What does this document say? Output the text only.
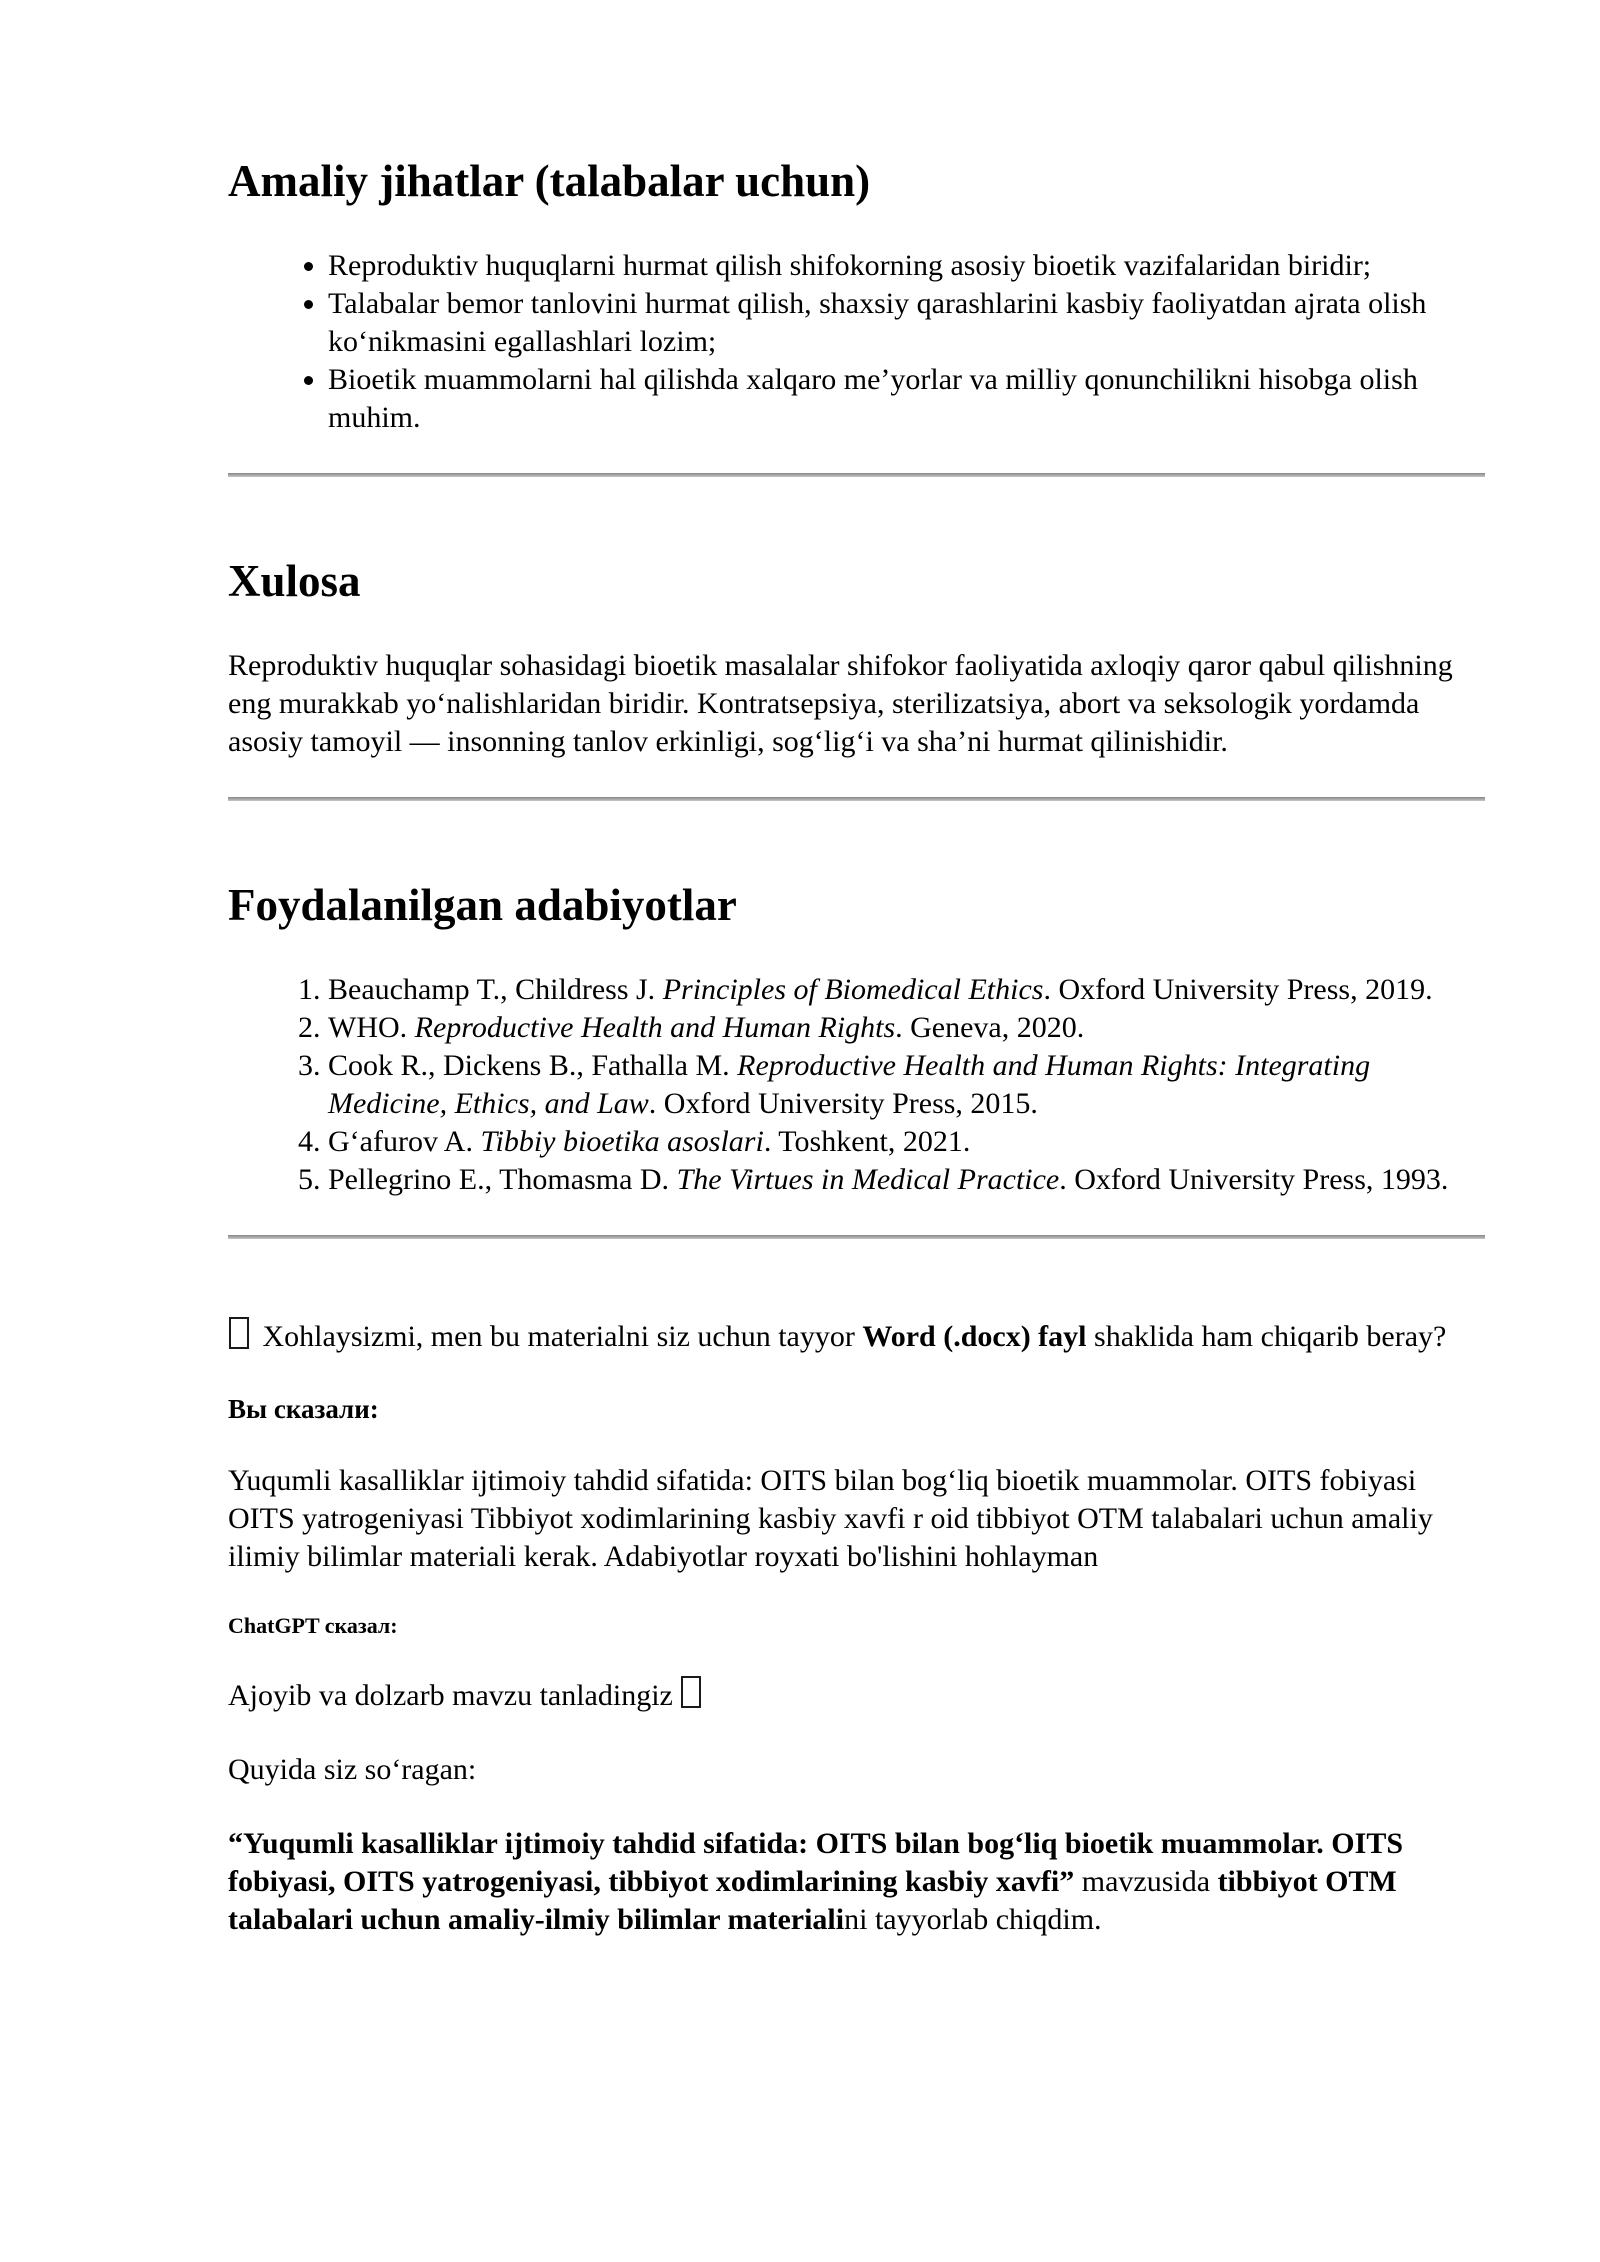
Amaliy jihatlar (talabalar uchun)
• Reproduktiv huquqlarni hurmat qilish shifokorning asosiy bioetik vazifalaridan biridir;
• Talabalar bemor tanlovini hurmat qilish, shaxsiy qarashlarini kasbiy faoliyatdan ajrata olish ko‘nikmasini egallashlari lozim;
• Bioetik muammolarni hal qilishda xalqaro me’yorlar va milliy qonunchilikni hisobga olish muhim.
Xulosa

Reproduktiv huquqlar sohasidagi bioetik masalalar shifokor faoliyatida axloqiy qaror qabul qilishning eng murakkab yo‘nalishlaridan biridir. Kontratsepsiya, sterilizatsiya, abort va seksologik yordamda asosiy tamoyil — insonning tanlov erkinligi, sog‘lig‘i va sha’ni hurmat qilinishidir.

Foydalanilgan adabiyotlar
1. Beauchamp T., Childress J. Principles of Biomedical Ethics. Oxford University Press, 2019.
2. WHO. Reproductive Health and Human Rights. Geneva, 2020.
3. Cook R., Dickens B., Fathalla M. Reproductive Health and Human Rights: Integrating Medicine, Ethics, and Law. Oxford University Press, 2015.
4. G‘afurov A. Tibbiy bioetika asoslari. Toshkent, 2021.
5. Pellegrino E., Thomasma D. The Virtues in Medical Practice. Oxford University Press, 1993.

Xohlaysizmi, men bu materialni siz uchun tayyor Word (.docx) fayl shaklida ham chiqarib beray?

Вы сказали:

Yuqumli kasalliklar ijtimoiy tahdid sifatida: OITS bilan bog‘liq bioetik muammolar. OITS fobiyasi OITS yatrogeniyasi Tibbiyot xodimlarining kasbiy xavfi r oid tibbiyot OTM talabalari uchun amaliy ilimiy bilimlar materiali kerak. Adabiyotlar royxati bo'lishini hohlayman

ChatGPT сказал:

Ajoyib va dolzarb mavzu tanladingiz

Quyida siz so‘ragan:

“Yuqumli kasalliklar ijtimoiy tahdid sifatida: OITS bilan bog‘liq bioetik muammolar. OITS fobiyasi, OITS yatrogeniyasi, tibbiyot xodimlarining kasbiy xavfi” mavzusida tibbiyot OTM talabalari uchun amaliy-ilmiy bilimlar materialini tayyorlab chiqdim.
